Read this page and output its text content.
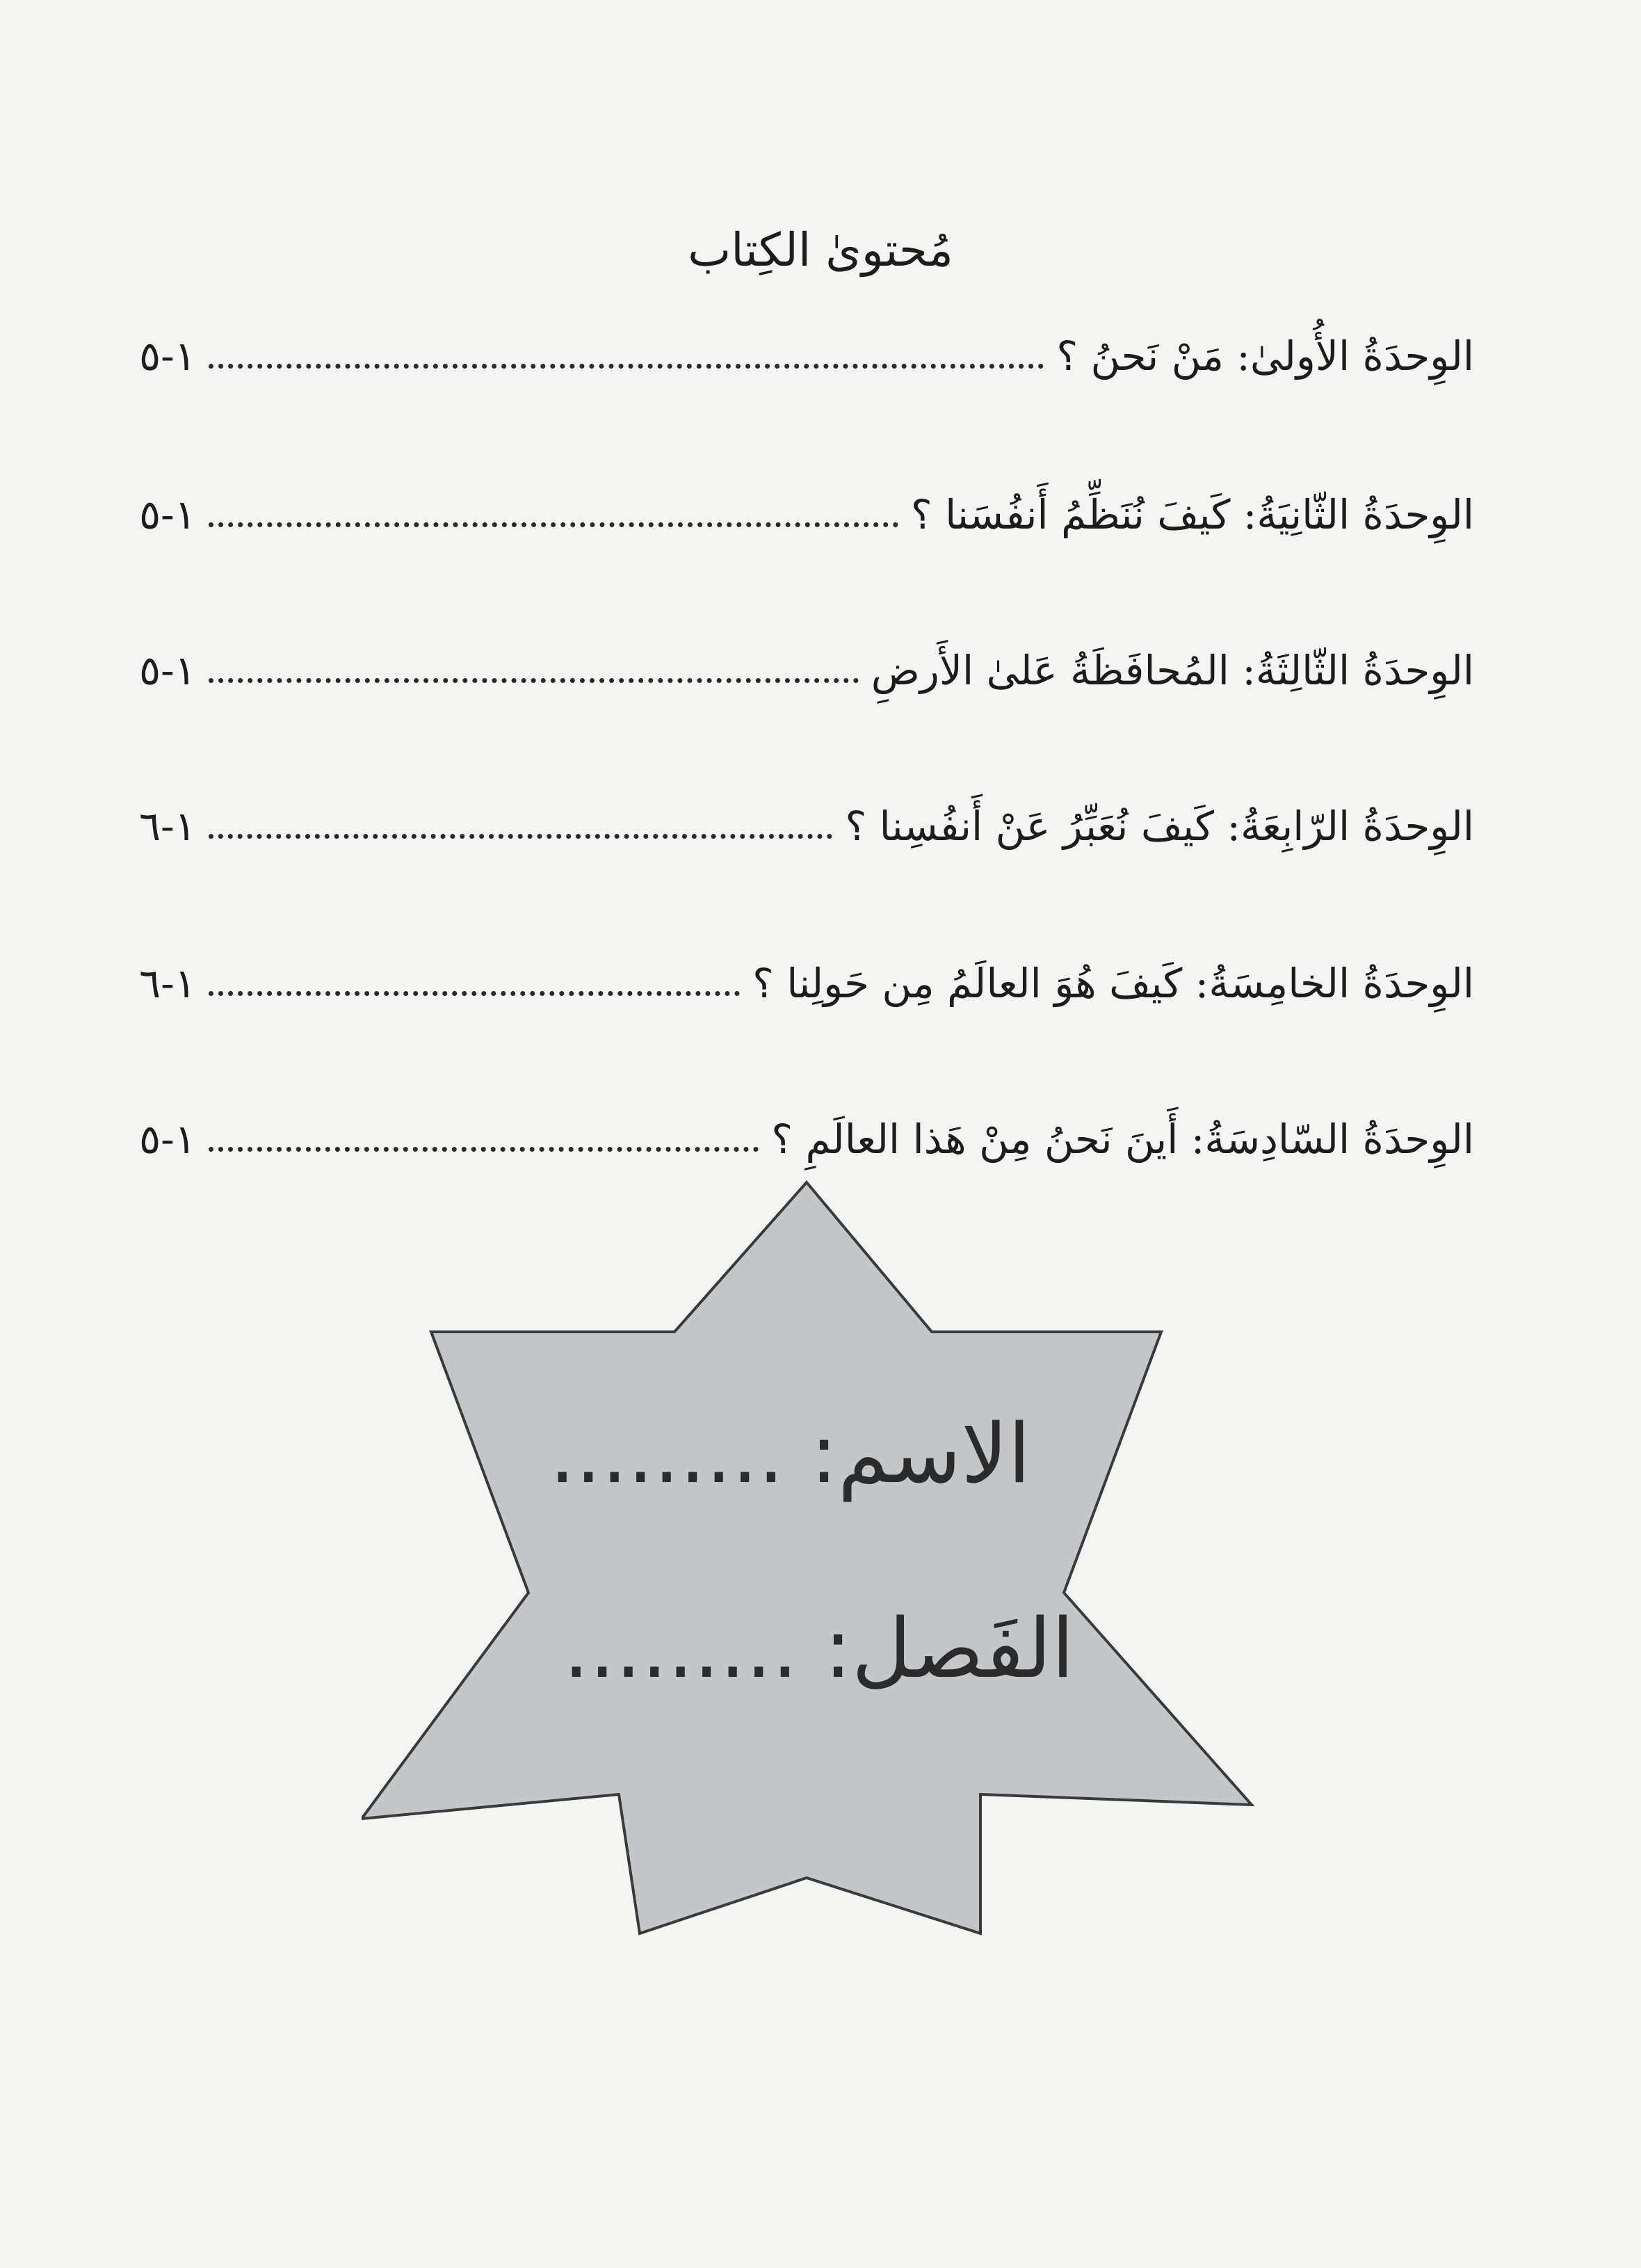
مُحتوىٰ الكِتاب
الوِحدَةُ الأُولىٰ: مَنْ نَحنُ ؟
١-٥
الوِحدَةُ الثّانِيَةُ: كَيفَ نُنَظِّمُ أَنفُسَنا ؟
١-٥
الوِحدَةُ الثّالِثَةُ: المُحافَظَةُ عَلىٰ الأَرضِ
١-٥
الوِحدَةُ الرّابِعَةُ: كَيفَ نُعَبِّرُ عَنْ أَنفُسِنا ؟
١-٦
الوِحدَةُ الخامِسَةُ: كَيفَ هُوَ العالَمُ مِن حَولِنا ؟
١-٦
الوِحدَةُ السّادِسَةُ: أَينَ نَحنُ مِنْ هَذا العالَمِ ؟
١-٥
الاسم: .........
الفَصل: .........
